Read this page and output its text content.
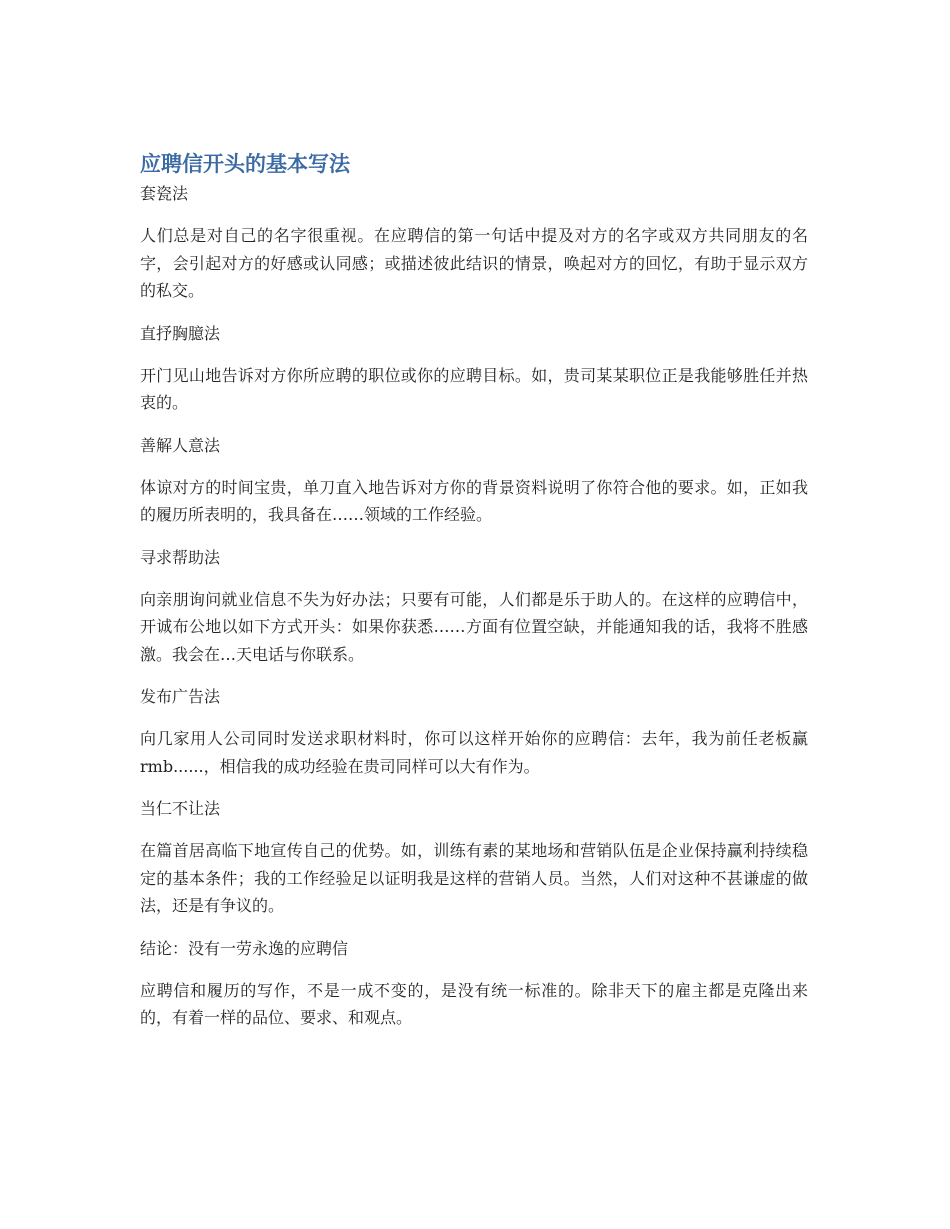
应聘信开头的基本写法

套瓷法

人们总是对自己的名字很重视。在应聘信的第一句话中提及对方的名字或双方共同朋友的名字，会引起对方的好感或认同感；或描述彼此结识的情景，唤起对方的回忆，有助于显示双方的私交。

直抒胸臆法

开门见山地告诉对方你所应聘的职位或你的应聘目标。如，贵司某某职位正是我能够胜任并热衷的。

善解人意法

体谅对方的时间宝贵，单刀直入地告诉对方你的背景资料说明了你符合他的要求。如，正如我的履历所表明的，我具备在……领域的工作经验。

寻求帮助法

向亲朋询问就业信息不失为好办法；只要有可能，人们都是乐于助人的。在这样的应聘信中，开诚布公地以如下方式开头：如果你获悉……方面有位置空缺，并能通知我的话，我将不胜感激。我会在…天电话与你联系。

发布广告法

向几家用人公司同时发送求职材料时，你可以这样开始你的应聘信：去年，我为前任老板赢 rmb......，相信我的成功经验在贵司同样可以大有作为。

当仁不让法

在篇首居高临下地宣传自己的优势。如，训练有素的某地场和营销队伍是企业保持赢利持续稳定的基本条件；我的工作经验足以证明我是这样的营销人员。当然，人们对这种不甚谦虚的做法，还是有争议的。

结论：没有一劳永逸的应聘信

应聘信和履历的写作，不是一成不变的，是没有统一标准的。除非天下的雇主都是克隆出来的，有着一样的品位、要求、和观点。
